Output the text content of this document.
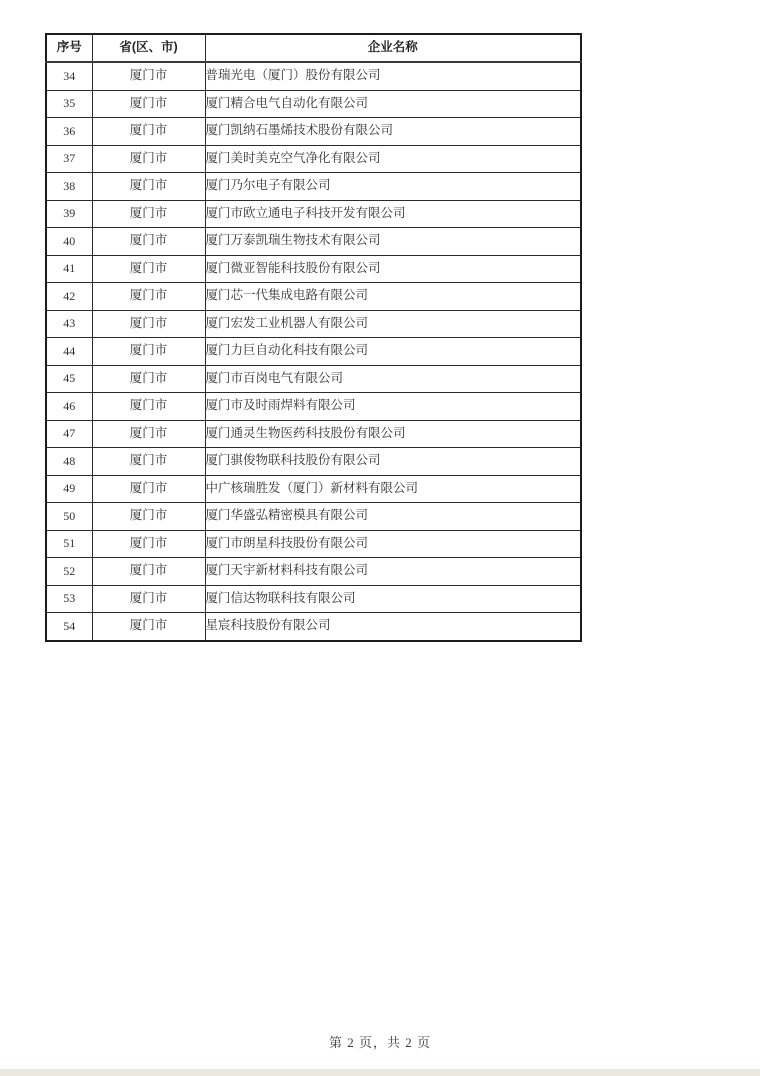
序号	省(区、市)	企业名称
34	厦门市	普瑞光电（厦门）股份有限公司
35	厦门市	厦门精合电气自动化有限公司
36	厦门市	厦门凯纳石墨烯技术股份有限公司
37	厦门市	厦门美时美克空气净化有限公司
38	厦门市	厦门乃尔电子有限公司
39	厦门市	厦门市欧立通电子科技开发有限公司
40	厦门市	厦门万泰凯瑞生物技术有限公司
41	厦门市	厦门微亚智能科技股份有限公司
42	厦门市	厦门芯一代集成电路有限公司
43	厦门市	厦门宏发工业机器人有限公司
44	厦门市	厦门力巨自动化科技有限公司
45	厦门市	厦门市百岗电气有限公司
46	厦门市	厦门市及时雨焊料有限公司
47	厦门市	厦门通灵生物医药科技股份有限公司
48	厦门市	厦门骐俊物联科技股份有限公司
49	厦门市	中广核瑞胜发（厦门）新材料有限公司
50	厦门市	厦门华盛弘精密模具有限公司
51	厦门市	厦门市朗星科技股份有限公司
52	厦门市	厦门天宇新材料科技有限公司
53	厦门市	厦门信达物联科技有限公司
54	厦门市	星宸科技股份有限公司
第 2 页，共 2 页
